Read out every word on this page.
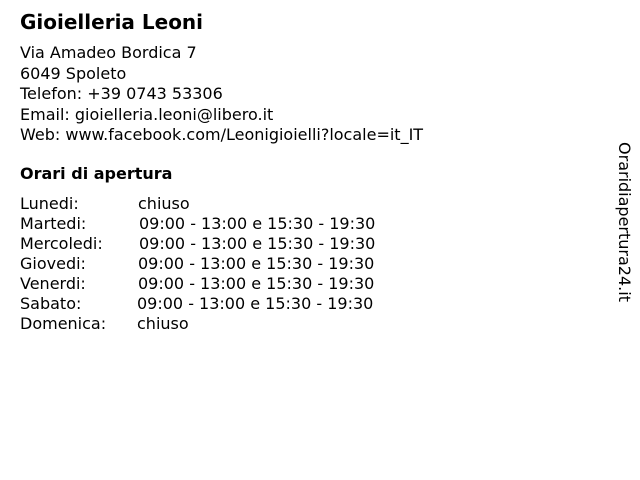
Gioielleria Leoni
Via Amadeo Bordica 7
6049 Spoleto
Telefon: +39 0743 53306
Email: gioielleria.leoni@libero.it
Web: www.facebook.com/Leonigioielli?locale=it_IT
Orari di apertura
Lunedi:	chiuso
Martedi:	09:00 - 13:00 e 15:30 - 19:30
Mercoledi: 09:00 - 13:00 e 15:30 - 19:30
Giovedi:	09:00 - 13:00 e 15:30 - 19:30
Venerdi:	09:00 - 13:00 e 15:30 - 19:30
Sabato:	09:00 - 13:00 e 15:30 - 19:30
Domenica: chiuso
Oraridiapertura24.it
